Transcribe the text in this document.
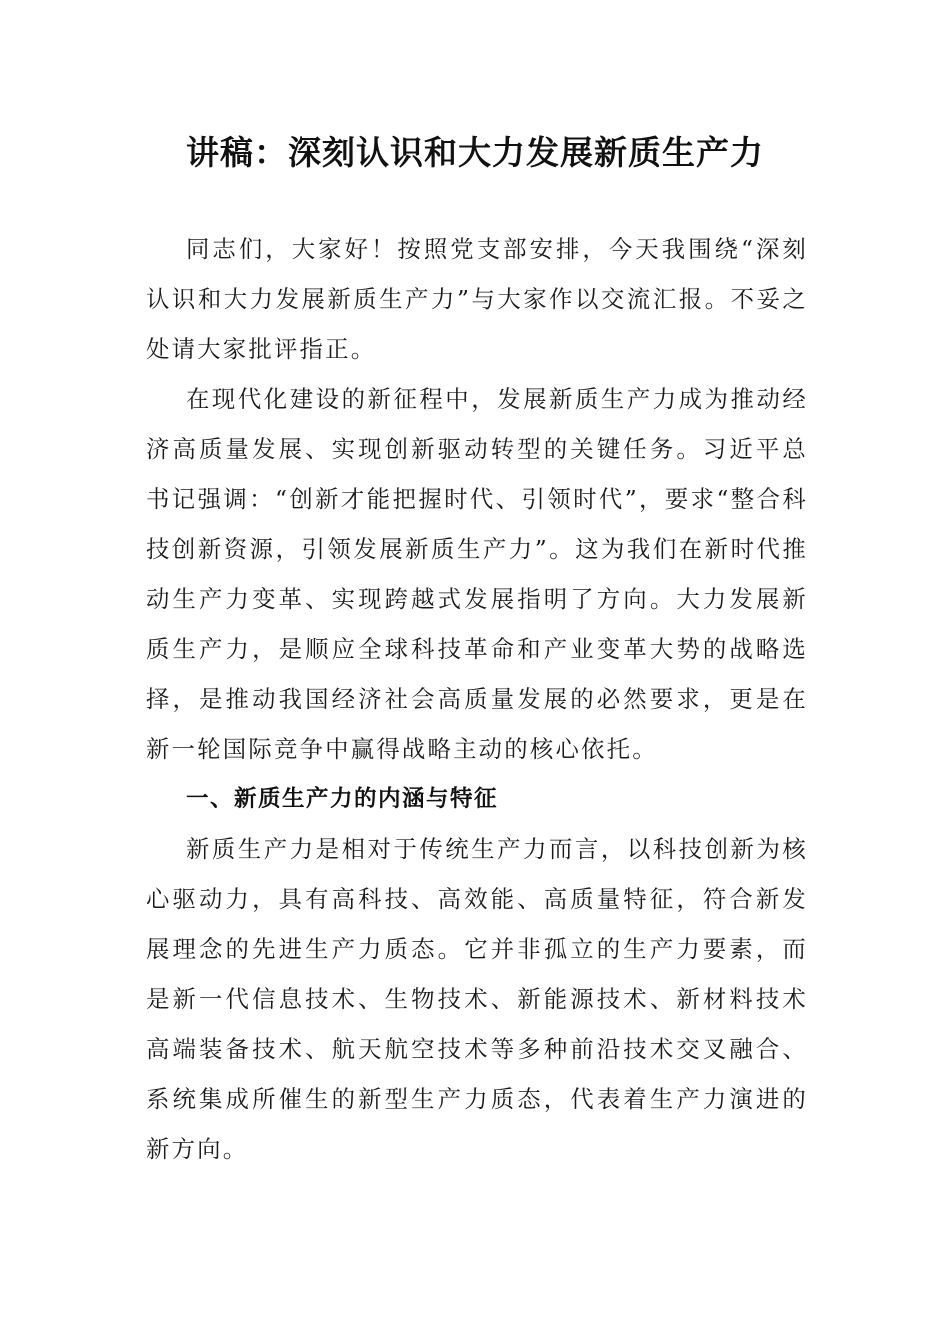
讲稿：深刻认识和大力发展新质生产力

同志们，大家好！按照党支部安排，今天我围绕“深刻认识和大力发展新质生产力”与大家作以交流汇报。不妥之处请大家批评指正。

在现代化建设的新征程中，发展新质生产力成为推动经济高质量发展、实现创新驱动转型的关键任务。习近平总书记强调：“创新才能把握时代、引领时代”，要求“整合科技创新资源，引领发展新质生产力”。这为我们在新时代推动生产力变革、实现跨越式发展指明了方向。大力发展新质生产力，是顺应全球科技革命和产业变革大势的战略选择，是推动我国经济社会高质量发展的必然要求，更是在新一轮国际竞争中赢得战略主动的核心依托。

一、新质生产力的内涵与特征

新质生产力是相对于传统生产力而言，以科技创新为核心驱动力，具有高科技、高效能、高质量特征，符合新发展理念的先进生产力质态。它并非孤立的生产力要素，而是新一代信息技术、生物技术、新能源技术、新材料技术高端装备技术、航天航空技术等多种前沿技术交叉融合、系统集成所催生的新型生产力质态，代表着生产力演进的新方向。
